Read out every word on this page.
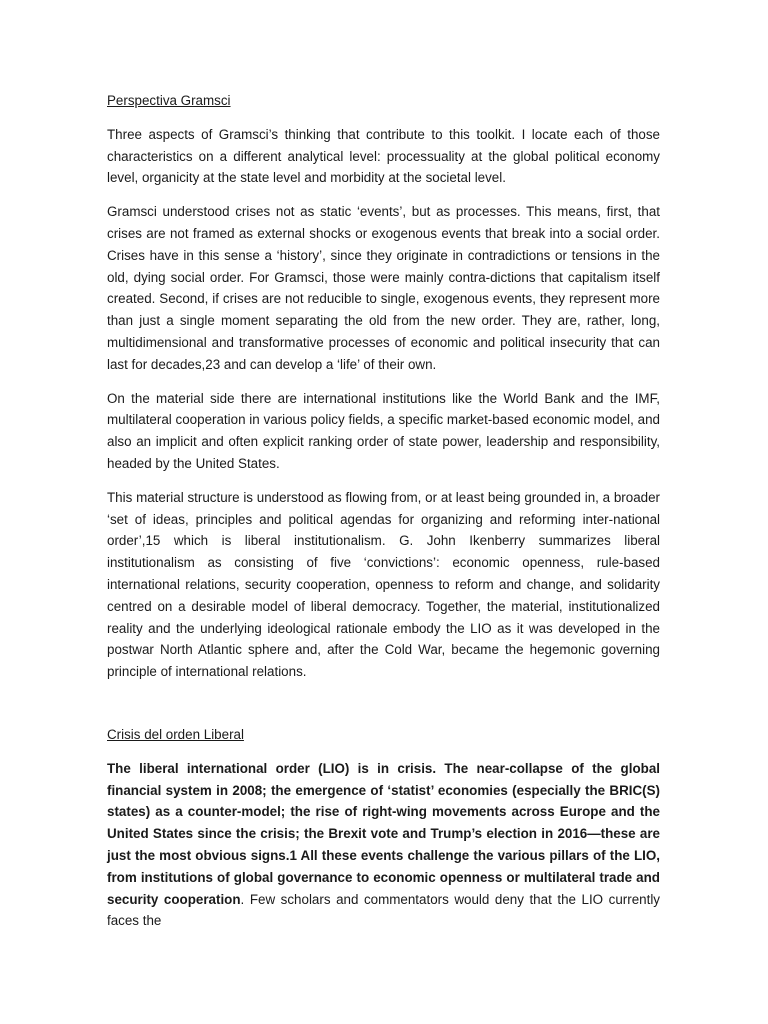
Perspectiva Gramsci

Three aspects of Gramsci’s thinking that contribute to this toolkit. I locate each of those characteristics on a different analytical level: processuality at the global political economy level, organicity at the state level and morbidity at the societal level.

Gramsci understood crises not as static ‘events’, but as processes. This means, first, that crises are not framed as external shocks or exogenous events that break into a social order. Crises have in this sense a ‘history’, since they originate in contradictions or tensions in the old, dying social order. For Gramsci, those were mainly contra-dictions that capitalism itself created. Second, if crises are not reducible to single, exogenous events, they represent more than just a single moment separating the old from the new order. They are, rather, long, multidimensional and transformative processes of economic and political insecurity that can last for decades,23 and can develop a ‘life’ of their own.

On the material side there are international institutions like the World Bank and the IMF, multilateral cooperation in various policy fields, a specific market-based economic model, and also an implicit and often explicit ranking order of state power, leadership and responsibility, headed by the United States.

This material structure is understood as flowing from, or at least being grounded in, a broader ‘set of ideas, principles and political agendas for organizing and reforming inter-national order’,15 which is liberal institutionalism. G. John Ikenberry summarizes liberal institutionalism as consisting of five ‘convictions’: economic openness, rule-based international relations, security cooperation, openness to reform and change, and solidarity centred on a desirable model of liberal democracy. Together, the material, institutionalized reality and the underlying ideological rationale embody the LIO as it was developed in the postwar North Atlantic sphere and, after the Cold War, became the hegemonic governing principle of international relations.

Crisis del orden Liberal

The liberal international order (LIO) is in crisis. The near-collapse of the global financial system in 2008; the emergence of ‘statist’ economies (especially the BRIC(S) states) as a counter-model; the rise of right-wing movements across Europe and the United States since the crisis; the Brexit vote and Trump’s election in 2016—these are just the most obvious signs.1 All these events challenge the various pillars of the LIO, from institutions of global governance to economic openness or multilateral trade and security cooperation. Few scholars and commentators would deny that the LIO currently faces the
